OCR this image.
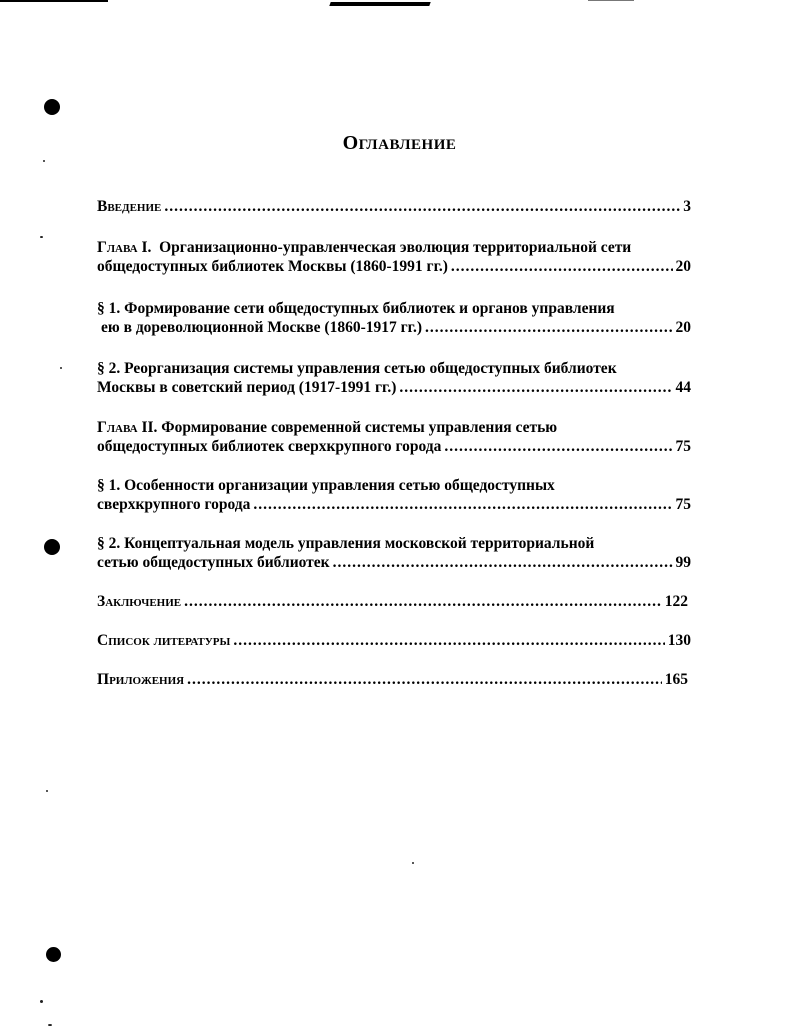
ОГЛАВЛЕНИЕ
Введение .....	3
Глава I. Организационно-управленческая эволюция территориальной сети
общедоступных библиотек Москвы (1860-1991 гг.) .....	20
§ 1. Формирование сети общедоступных библиотек и органов управления
ею в дореволюционной Москве (1860-1917 гг.) .....	20
§ 2. Реорганизация системы управления сетью общедоступных библиотек
Москвы в советский период (1917-1991 гг.) .....	44
Глава II. Формирование современной системы управления сетью
общедоступных библиотек сверхкрупного города .....	75
§ 1. Особенности организации управления сетью общедоступных
сверхкрупного города .....	75
§ 2. Концептуальная модель управления московской территориальной
сетью общедоступных библиотек .....	99
Заключение .....	122
Список литературы .....	130
Приложения .....	165
